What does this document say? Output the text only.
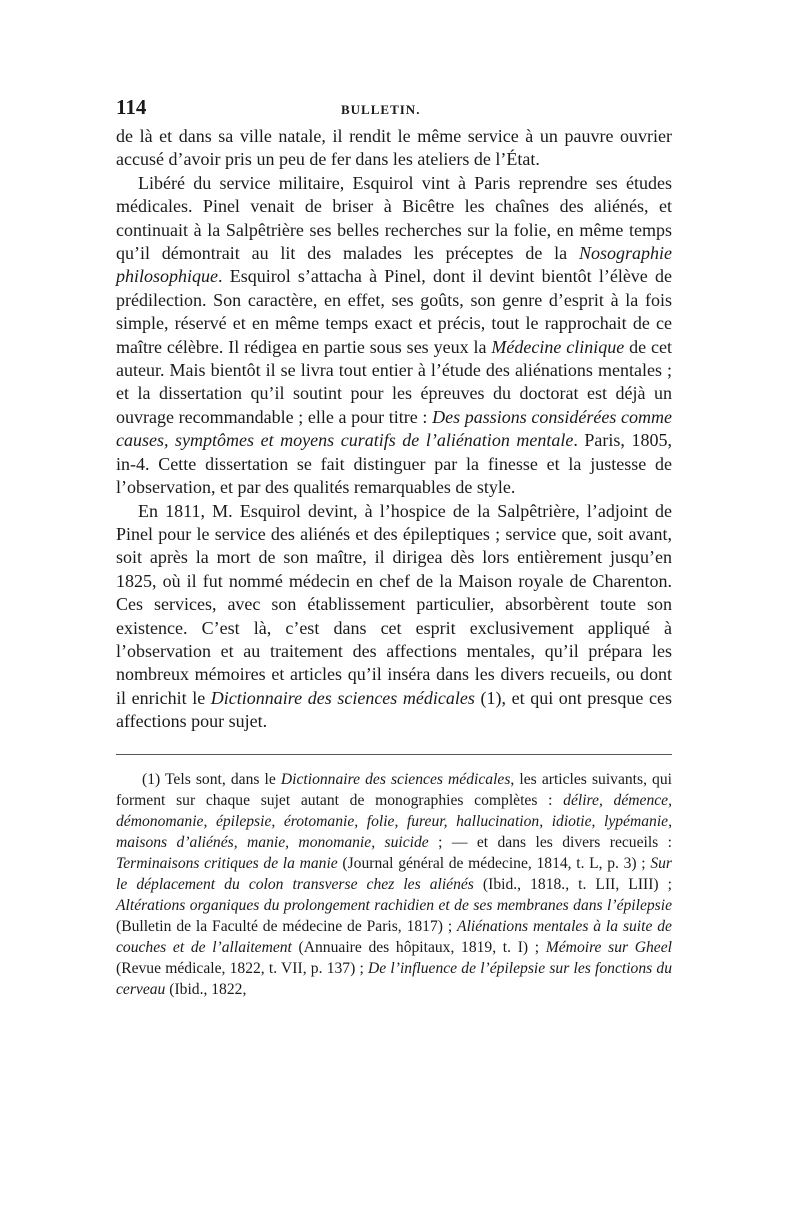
114	BULLETIN.

de là et dans sa ville natale, il rendit le même service à un pauvre ouvrier accusé d’avoir pris un peu de fer dans les ateliers de l’État.

Libéré du service militaire, Esquirol vint à Paris reprendre ses études médicales. Pinel venait de briser à Bicêtre les chaînes des aliénés, et continuait à la Salpêtrière ses belles recherches sur la folie, en même temps qu’il démontrait au lit des malades les préceptes de la Nosographie philosophique. Esquirol s’attacha à Pinel, dont il devint bientôt l’élève de prédilection. Son caractère, en effet, ses goûts, son genre d’esprit à la fois simple, réservé et en même temps exact et précis, tout le rapprochait de ce maître célèbre. Il rédigea en partie sous ses yeux la Médecine clinique de cet auteur. Mais bientôt il se livra tout entier à l’étude des aliénations mentales ; et la dissertation qu’il soutint pour les épreuves du doctorat est déjà un ouvrage recommandable ; elle a pour titre : Des passions considérées comme causes, symptômes et moyens curatifs de l’aliénation mentale. Paris, 1805, in-4. Cette dissertation se fait distinguer par la finesse et la justesse de l’observation, et par des qualités remarquables de style.

En 1811, M. Esquirol devint, à l’hospice de la Salpêtrière, l’adjoint de Pinel pour le service des aliénés et des épileptiques ; service que, soit avant, soit après la mort de son maître, il dirigea dès lors entièrement jusqu’en 1825, où il fut nommé médecin en chef de la Maison royale de Charenton. Ces services, avec son établissement particulier, absorbèrent toute son existence. C’est là, c’est dans cet esprit exclusivement appliqué à l’observation et au traitement des affections mentales, qu’il prépara les nombreux mémoires et articles qu’il inséra dans les divers recueils, ou dont il enrichit le Dictionnaire des sciences médicales (1), et qui ont presque ces affections pour sujet.

(1) Tels sont, dans le Dictionnaire des sciences médicales, les articles suivants, qui forment sur chaque sujet autant de monographies complètes : délire, démence, démonomanie, épilepsie, érotomanie, folie, fureur, hallucination, idiotie, lypémanie, maisons d’aliénés, manie, monomanie, suicide ; — et dans les divers recueils : Terminaisons critiques de la manie (Journal général de médecine, 1814, t. L, p. 3) ; Sur le déplacement du colon transverse chez les aliénés (Ibid., 1818., t. LII, LIII) ; Altérations organiques du prolongement rachidien et de ses membranes dans l’épilepsie (Bulletin de la Faculté de médecine de Paris, 1817) ; Aliénations mentales à la suite de couches et de l’allaitement (Annuaire des hôpitaux, 1819, t. I) ; Mémoire sur Gheel (Revue médicale, 1822, t. VII, p. 137) ; De l’influence de l’épilepsie sur les fonctions du cerveau (Ibid., 1822,
